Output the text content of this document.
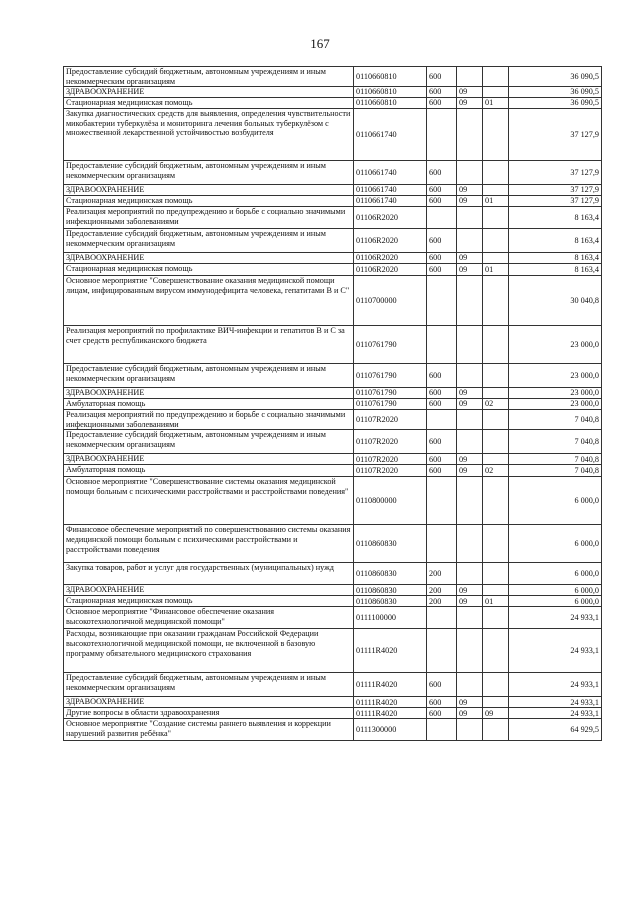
167
Предоставление субсидий бюджетным, автономным учреждениям и иным некоммерческим организациям	0110660810	600			36 090,5
ЗДРАВООХРАНЕНИЕ	0110660810	600	09		36 090,5
Стационарная медицинская помощь	0110660810	600	09	01	36 090,5
Закупка диагностических средств для выявления, определения чувствительности микобактерии туберкулёза и мониторинга лечения больных туберкулёзом с множественной лекарственной устойчивостью возбудителя	0110661740				37 127,9
Предоставление субсидий бюджетным, автономным учреждениям и иным некоммерческим организациям	0110661740	600			37 127,9
ЗДРАВООХРАНЕНИЕ	0110661740	600	09		37 127,9
Стационарная медицинская помощь	0110661740	600	09	01	37 127,9
Реализация мероприятий по предупреждению и борьбе с социально значимыми инфекционными заболеваниями	01106R2020				8 163,4
Предоставление субсидий бюджетным, автономным учреждениям и иным некоммерческим организациям	01106R2020	600			8 163,4
ЗДРАВООХРАНЕНИЕ	01106R2020	600	09		8 163,4
Стационарная медицинская помощь	01106R2020	600	09	01	8 163,4
Основное мероприятие "Совершенствование оказания медицинской помощи лицам, инфицированным вирусом иммунодефицита человека, гепатитами B и C"	0110700000				30 040,8
Реализация мероприятий по профилактике ВИЧ-инфекции и гепатитов B и C за счет средств республиканского бюджета	0110761790				23 000,0
Предоставление субсидий бюджетным, автономным учреждениям и иным некоммерческим организациям	0110761790	600			23 000,0
ЗДРАВООХРАНЕНИЕ	0110761790	600	09		23 000,0
Амбулаторная помощь	0110761790	600	09	02	23 000,0
Реализация мероприятий по предупреждению и борьбе с социально значимыми инфекционными заболеваниями	01107R2020				7 040,8
Предоставление субсидий бюджетным, автономным учреждениям и иным некоммерческим организациям	01107R2020	600			7 040,8
ЗДРАВООХРАНЕНИЕ	01107R2020	600	09		7 040,8
Амбулаторная помощь	01107R2020	600	09	02	7 040,8
Основное мероприятие "Совершенствование системы оказания медицинской помощи больным с психическими расстройствами и расстройствами поведения"	0110800000				6 000,0
Финансовое обеспечение мероприятий по совершенствованию системы оказания медицинской помощи больным с психическими расстройствами и расстройствами поведения	0110860830				6 000,0
Закупка товаров, работ и услуг для государственных (муниципальных) нужд	0110860830	200			6 000,0
ЗДРАВООХРАНЕНИЕ	0110860830	200	09		6 000,0
Стационарная медицинская помощь	0110860830	200	09	01	6 000,0
Основное мероприятие "Финансовое обеспечение оказания высокотехнологичной медицинской помощи"	0111100000				24 933,1
Расходы, возникающие при оказании гражданам Российской Федерации высокотехнологичной медицинской помощи, не включенной в базовую программу обязательного медицинского страхования	01111R4020				24 933,1
Предоставление субсидий бюджетным, автономным учреждениям и иным некоммерческим организациям	01111R4020	600			24 933,1
ЗДРАВООХРАНЕНИЕ	01111R4020	600	09		24 933,1
Другие вопросы в области здравоохранения	01111R4020	600	09	09	24 933,1
Основное мероприятие "Создание системы раннего выявления и коррекции нарушений развития ребёнка"	0111300000				64 929,5
